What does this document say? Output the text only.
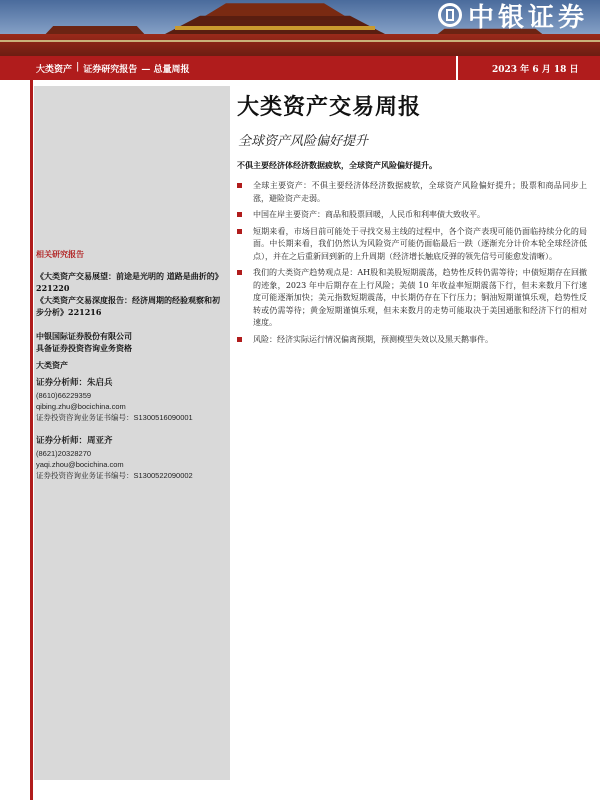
中银证券
大类资产 | 证券研究报告 — 总量周报	2023 年 6 月 18 日
相关研究报告
《大类资产交易展望：前途是光明的 道路是曲折的》221220
《大类资产交易深度报告：经济周期的经验观察和初步分析》221216
中银国际证券股份有限公司
具备证券投资咨询业务资格
大类资产
证券分析师：朱启兵
(8610)66229359
qibing.zhu@bocichina.com
证券投资咨询业务证书编号：S1300516090001
证券分析师：周亚齐
(8621)20328270
yaqi.zhou@bocichina.com
证券投资咨询业务证书编号：S1300522090002
大类资产交易周报
全球资产风险偏好提升
不俱主要经济体经济数据疲软，全球资产风险偏好提升。
全球主要资产：不俱主要经济体经济数据疲软，全球资产风险偏好提升；股票和商品同步上涨，避险资产走弱。
中国在岸主要资产：商品和股票回暖，人民币和利率债大致收平。
短期来看，市场目前可能处于寻找交易主线的过程中，各个资产表现可能仍面临持续分化的局面。中长期来看，我们仍然认为风险资产可能仍面临最后一跌（逐渐充分计价本轮全球经济低点），并在之后重新回到新的上升周期（经济增长触底反弹的领先信号可能愈发清晰）。
我们的大类资产趋势观点是：AH股和美股短期震荡，趋势性反转仍需等待；中债短期存在回撤的迹象，2023 年中后期存在上行风险；美债 10 年收益率短期震荡下行，但未来数月下行速度可能逐渐加快；美元指数短期震荡，中长期仍存在下行压力；铜油短期谨慎乐观，趋势性反转或仍需等待；黄金短期谨慎乐观，但未来数月的走势可能取决于美国通胀和经济下行的相对速度。
风险：经济实际运行情况偏离预期，预测模型失效以及黑天鹅事件。
